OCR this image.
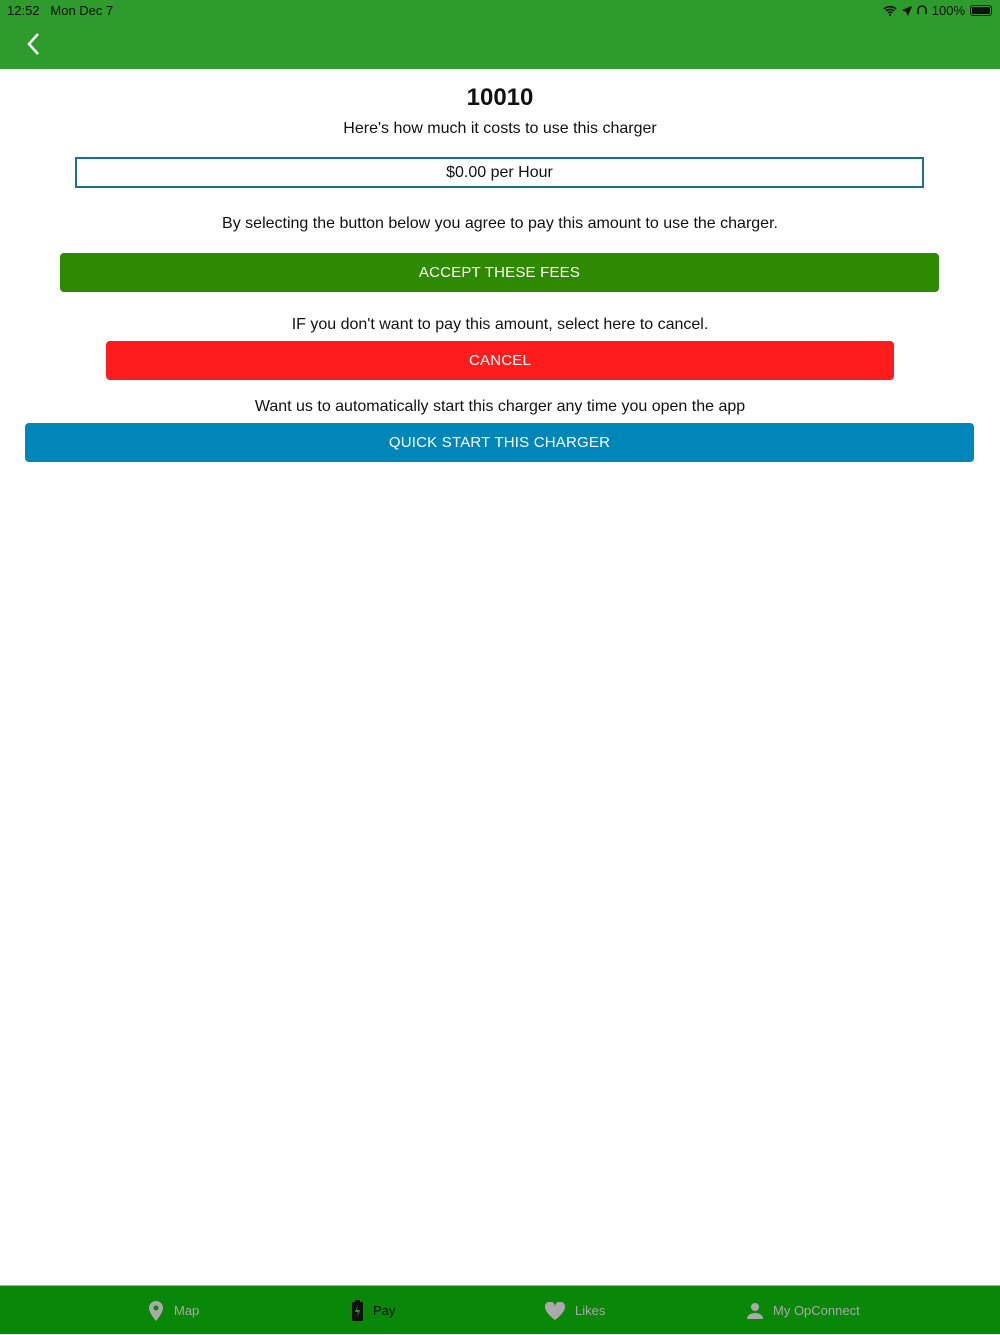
12:52 Mon Dec 7	100%
10010
Here's how much it costs to use this charger
$0.00 per Hour
By selecting the button below you agree to pay this amount to use the charger.
ACCEPT THESE FEES
IF you don't want to pay this amount, select here to cancel.
CANCEL
Want us to automatically start this charger any time you open the app
QUICK START THIS CHARGER
Map	Pay	Likes	My OpConnect
